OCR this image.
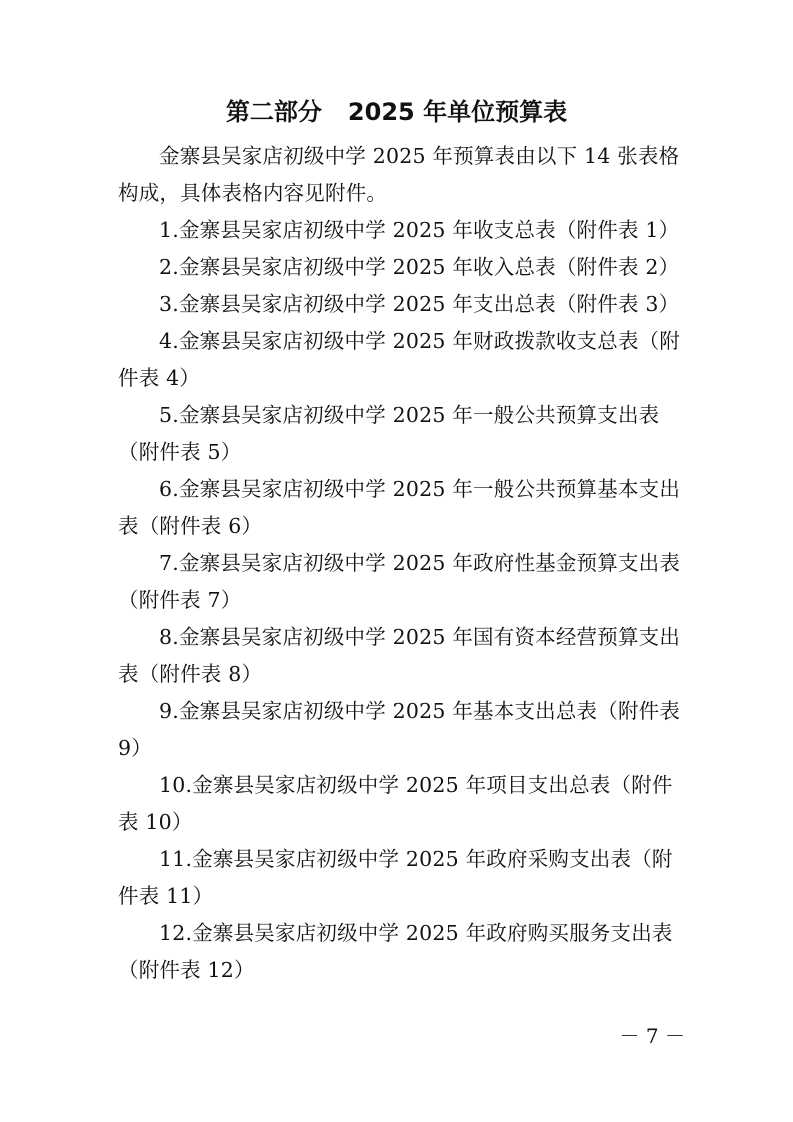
第二部分 2025 年单位预算表

金寨县吴家店初级中学 2025 年预算表由以下 14 张表格构成，具体表格内容见附件。

1.金寨县吴家店初级中学 2025 年收支总表（附件表 1）

2.金寨县吴家店初级中学 2025 年收入总表（附件表 2）

3.金寨县吴家店初级中学 2025 年支出总表（附件表 3）

4.金寨县吴家店初级中学 2025 年财政拨款收支总表（附件表 4）

5.金寨县吴家店初级中学 2025 年一般公共预算支出表（附件表 5）

6.金寨县吴家店初级中学 2025 年一般公共预算基本支出表（附件表 6）

7.金寨县吴家店初级中学 2025 年政府性基金预算支出表（附件表 7）

8.金寨县吴家店初级中学 2025 年国有资本经营预算支出表（附件表 8）

9.金寨县吴家店初级中学 2025 年基本支出总表（附件表 9）

10.金寨县吴家店初级中学 2025 年项目支出总表（附件表 10）

11.金寨县吴家店初级中学 2025 年政府采购支出表（附件表 11）

12.金寨县吴家店初级中学 2025 年政府购买服务支出表（附件表 12）

－ 7 －
